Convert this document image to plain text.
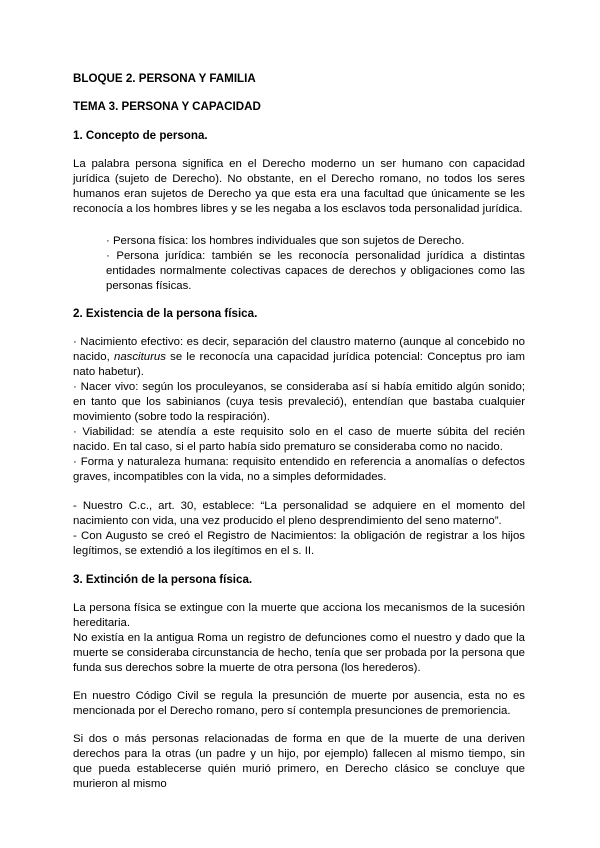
BLOQUE 2. PERSONA Y FAMILIA
TEMA 3. PERSONA Y CAPACIDAD
1. Concepto de persona.

La palabra persona significa en el Derecho moderno un ser humano con capacidad jurídica (sujeto de Derecho). No obstante, en el Derecho romano, no todos los seres humanos eran sujetos de Derecho ya que esta era una facultad que únicamente se les reconocía a los hombres libres y se les negaba a los esclavos toda personalidad jurídica.

· Persona física: los hombres individuales que son sujetos de Derecho.

· Persona jurídica: también se les reconocía personalidad jurídica a distintas entidades normalmente colectivas capaces de derechos y obligaciones como las personas físicas.

2. Existencia de la persona física.

· Nacimiento efectivo: es decir, separación del claustro materno (aunque al concebido no nacido, nasciturus se le reconocía una capacidad jurídica potencial: Conceptus pro iam nato habetur).

· Nacer vivo: según los proculeyanos, se consideraba así si había emitido algún sonido; en tanto que los sabinianos (cuya tesis prevaleció), entendían que bastaba cualquier movimiento (sobre todo la respiración).

· Viabilidad: se atendía a este requisito solo en el caso de muerte súbita del recién nacido. En tal caso, si el parto había sido prematuro se consideraba como no nacido.

· Forma y naturaleza humana: requisito entendido en referencia a anomalías o defectos graves, incompatibles con la vida, no a simples deformidades.

- Nuestro C.c., art. 30, establece: “La personalidad se adquiere en el momento del nacimiento con vida, una vez producido el pleno desprendimiento del seno materno”.

- Con Augusto se creó el Registro de Nacimientos: la obligación de registrar a los hijos legítimos, se extendió a los ilegítimos en el s. II.

3. Extinción de la persona física.

La persona física se extingue con la muerte que acciona los mecanismos de la sucesión hereditaria.

No existía en la antigua Roma un registro de defunciones como el nuestro y dado que la muerte se consideraba circunstancia de hecho, tenía que ser probada por la persona que funda sus derechos sobre la muerte de otra persona (los herederos).

En nuestro Código Civil se regula la presunción de muerte por ausencia, esta no es mencionada por el Derecho romano, pero sí contempla presunciones de premoriencia.

Si dos o más personas relacionadas de forma en que de la muerte de una deriven derechos para la otras (un padre y un hijo, por ejemplo) fallecen al mismo tiempo, sin que pueda establecerse quién murió primero, en Derecho clásico se concluye que murieron al mismo
